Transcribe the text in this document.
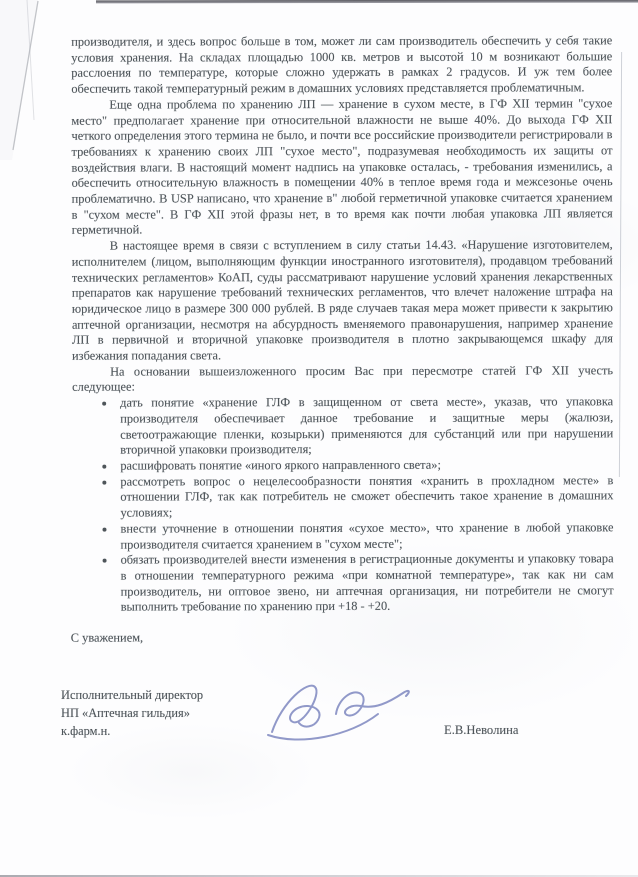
производителя, и здесь вопрос больше в том, может ли сам производитель обеспечить у себя такие условия хранения. На складах площадью 1000 кв. метров и высотой 10 м возникают большие расслоения по температуре, которые сложно удержать в рамках 2 градусов. И уж тем более обеспечить такой температурный режим в домашних условиях представляется проблематичным.

Еще одна проблема по хранению ЛП — хранение в сухом месте, в ГФ XII термин "сухое место" предполагает хранение при относительной влажности не выше 40%. До выхода ГФ XII четкого определения этого термина не было, и почти все российские производители регистрировали в требованиях к хранению своих ЛП "сухое место", подразумевая необходимость их защиты от воздействия влаги. В настоящий момент надпись на упаковке осталась, - требования изменились, а обеспечить относительную влажность в помещении 40% в теплое время года и межсезонье очень проблематично. В USP написано, что хранение в" любой герметичной упаковке считается хранением в "сухом месте". В ГФ XII этой фразы нет, в то время как почти любая упаковка ЛП является герметичной.

В настоящее время в связи с вступлением в силу статьи 14.43. «Нарушение изготовителем, исполнителем (лицом, выполняющим функции иностранного изготовителя), продавцом требований технических регламентов» КоАП, суды рассматривают нарушение условий хранения лекарственных препаратов как нарушение требований технических регламентов, что влечет наложение штрафа на юридическое лицо в размере 300 000 рублей. В ряде случаев такая мера может привести к закрытию аптечной организации, несмотря на абсурдность вменяемого правонарушения, например хранение ЛП в первичной и вторичной упаковке производителя в плотно закрывающемся шкафу для избежания попадания света.

На основании вышеизложенного просим Вас при пересмотре статей ГФ XII учесть следующее:

• дать понятие «хранение ГЛФ в защищенном от света месте», указав, что упаковка производителя обеспечивает данное требование и защитные меры (жалюзи, светоотражающие пленки, козырьки) применяются для субстанций или при нарушении вторичной упаковки производителя;
• расшифровать понятие «иного яркого направленного света»;
• рассмотреть вопрос о нецелесообразности понятия «хранить в прохладном месте» в отношении ГЛФ, так как потребитель не сможет обеспечить такое хранение в домашних условиях;
• внести уточнение в отношении понятия «сухое место», что хранение в любой упаковке производителя считается хранением в "сухом месте";
• обязать производителей внести изменения в регистрационные документы и упаковку товара в отношении температурного режима «при комнатной температуре», так как ни сам производитель, ни оптовое звено, ни аптечная организация, ни потребители не смогут выполнить требование по хранению при +18 - +20.

С уважением,

Исполнительный директор
НП «Аптечная гильдия»
к.фарм.н.	Е.В.Неволина
